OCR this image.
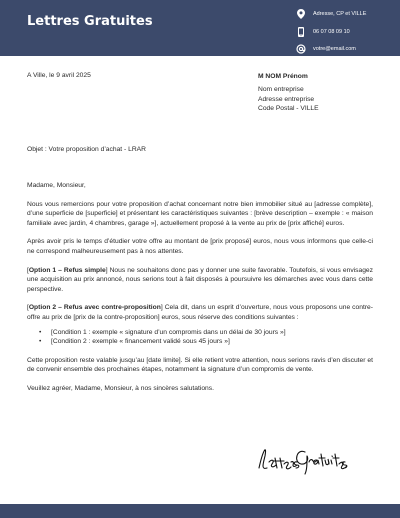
Lettres Gratuites	Adresse, CP et VILLE
06 07 08 09 10
votre@email.com
A Ville, le 9 avril 2025	M NOM Prénom
Nom entreprise
Adresse entreprise
Code Postal - VILLE
Objet : Votre proposition d’achat - LRAR

Madame, Monsieur,

Nous vous remercions pour votre proposition d’achat concernant notre bien immobilier situé au [adresse complète], d’une superficie de [superficie] et présentant les caractéristiques suivantes : [brève description – exemple : « maison familiale avec jardin, 4 chambres, garage »], actuellement proposé à la vente au prix de [prix affiché] euros.

Après avoir pris le temps d’étudier votre offre au montant de [prix proposé] euros, nous vous informons que celle-ci ne correspond malheureusement pas à nos attentes.

[Option 1 – Refus simple] Nous ne souhaitons donc pas y donner une suite favorable. Toutefois, si vous envisagez une acquisition au prix annoncé, nous serions tout à fait disposés à poursuivre les démarches avec vous dans cette perspective.

[Option 2 – Refus avec contre-proposition] Cela dit, dans un esprit d’ouverture, nous vous proposons une contre-offre au prix de [prix de la contre-proposition] euros, sous réserve des conditions suivantes :

• [Condition 1 : exemple « signature d’un compromis dans un délai de 30 jours »]
• [Condition 2 : exemple « financement validé sous 45 jours »]

Cette proposition reste valable jusqu’au [date limite]. Si elle retient votre attention, nous serions ravis d’en discuter et de convenir ensemble des prochaines étapes, notamment la signature d’un compromis de vente.

Veuillez agréer, Madame, Monsieur, à nos sincères salutations.
